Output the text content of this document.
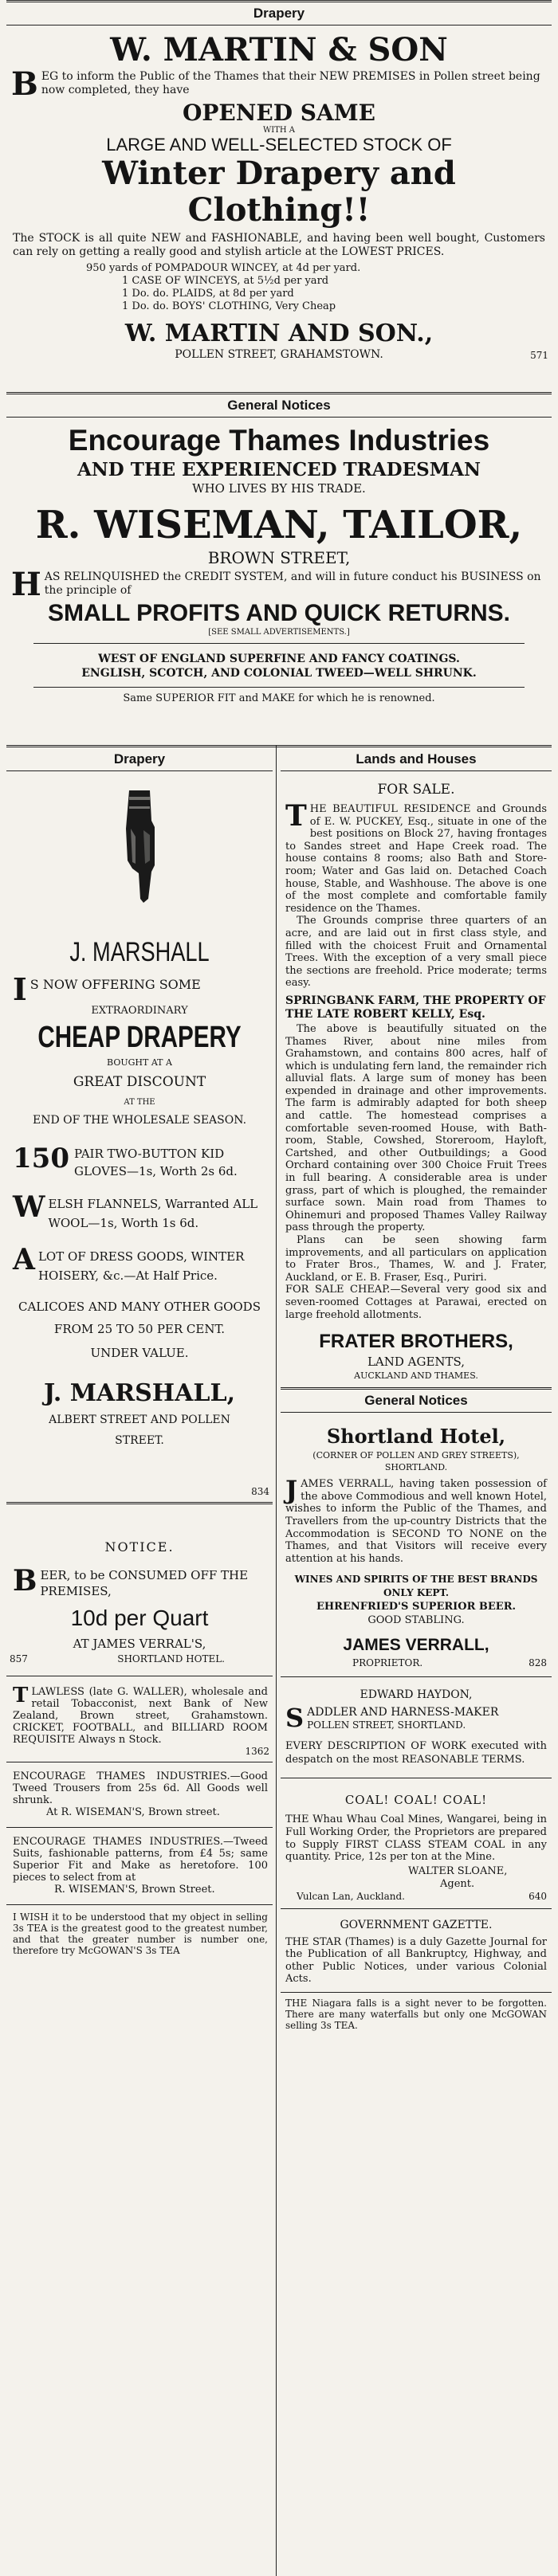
Drapery
W. MARTIN & SON
B EG to inform the Public of the Thames that their NEW PREMISES in Pollen street being now completed, they have
OPENED SAME
WITH A
LARGE AND WELL-SELECTED STOCK OF
Winter Drapery and Clothing!!
The STOCK is all quite NEW and FASHIONABLE, and having been well bought, Customers can rely on getting a really good and stylish article at the LOWEST PRICES.
950 yards of POMPADOUR WINCEY, at 4d per yard.
1 CASE OF WINCEYS, at 5½d per yard
1 Do. do. PLAIDS, at 8d per yard
1 Do. do. BOYS' CLOTHING, Very Cheap
W. MARTIN AND SON.,
POLLEN STREET, GRAHAMSTOWN.	571
General Notices
Encourage Thames Industries
AND THE EXPERIENCED TRADESMAN
WHO LIVES BY HIS TRADE.
R. WISEMAN, TAILOR,
BROWN STREET,
H AS RELINQUISHED the CREDIT SYSTEM, and will in future conduct his BUSINESS on the principle of
SMALL PROFITS AND QUICK RETURNS.
[SEE SMALL ADVERTISEMENTS.]
WEST OF ENGLAND SUPERFINE AND FANCY COATINGS.
ENGLISH, SCOTCH, AND COLONIAL TWEED—WELL SHRUNK.
Same SUPERIOR FIT and MAKE for which he is renowned.
Drapery
J. MARSHALL
I S NOW OFFERING SOME
EXTRAORDINARY
CHEAP DRAPERY
BOUGHT AT A
GREAT DISCOUNT
AT THE
END OF THE WHOLESALE SEASON.
150 PAIR TWO-BUTTON KID
GLOVES—1s, Worth 2s 6d.
W ELSH FLANNELS, Warranted ALL WOOL—1s, Worth 1s 6d.
A LOT OF DRESS GOODS, WINTER HOISERY, &c.—At Half Price.
CALICOES AND MANY OTHER GOODS
FROM 25 TO 50 PER CENT.
UNDER VALUE.
J. MARSHALL,
ALBERT STREET AND POLLEN STREET.
834
NOTICE.
B EER, to be CONSUMED OFF THE PREMISES,
10d per Quart
AT JAMES VERRAL'S,
857	SHORTLAND HOTEL.
T LAWLESS (late G. WALLER), wholesale and retail Tobacconist, next Bank of New Zealand, Brown street, Grahamstown. CRICKET, FOOTBALL, and BILLIARD ROOM REQUISITE Always n Stock.
1362
ENCOURAGE THAMES INDUSTRIES.—Good Tweed Trousers from 25s 6d. All Goods well shrunk.
At R. WISEMAN'S, Brown street.
ENCOURAGE THAMES INDUSTRIES.—Tweed Suits, fashionable patterns, from £4 5s; same Superior Fit and Make as heretofore. 100 pieces to select from at
R. WISEMAN'S, Brown Street.
I WISH it to be understood that my object in selling 3s TEA is the greatest good to the greatest number, and that the greater number is number one, therefore try McGOWAN'S 3s TEA
Lands and Houses
FOR SALE.
T HE BEAUTIFUL RESIDENCE and Grounds of E. W. PUCKEY, Esq., situate in one of the best positions on Block 27, having frontages to Sandes street and Hape Creek road. The house contains 8 rooms; also Bath and Store-room; Water and Gas laid on. Detached Coach house, Stable, and Washhouse. The above is one of the most complete and comfortable family residence on the Thames.
The Grounds comprise three quarters of an acre, and are laid out in first class style, and filled with the choicest Fruit and Ornamental Trees. With the exception of a very small piece the sections are freehold. Price moderate; terms easy.
SPRINGBANK FARM, THE PROPERTY OF THE LATE ROBERT KELLY, Esq.
The above is beautifully situated on the Thames River, about nine miles from Grahamstown, and contains 800 acres, half of which is undulating fern land, the remainder rich alluvial flats. A large sum of money has been expended in drainage and other improvements. The farm is admirably adapted for both sheep and cattle. The homestead comprises a comfortable seven-roomed House, with Bath-room, Stable, Cowshed, Storeroom, Hayloft, Cartshed, and other Outbuildings; a Good Orchard containing over 300 Choice Fruit Trees in full bearing. A considerable area is under grass, part of which is ploughed, the remainder surface sown. Main road from Thames to Ohinemuri and proposed Thames Valley Railway pass through the property.
Plans can be seen showing farm improvements, and all particulars on application to Frater Bros., Thames, W. and J. Frater, Auckland, or E. B. Fraser, Esq., Puriri.
FOR SALE CHEAP.—Several very good six and seven-roomed Cottages at Parawai, erected on large freehold allotments.
FRATER BROTHERS,
LAND AGENTS,
AUCKLAND AND THAMES.
General Notices
Shortland Hotel,
(CORNER OF POLLEN AND GREY STREETS),
SHORTLAND.
J AMES VERRALL, having taken possession of the above Commodious and well known Hotel, wishes to inform the Public of the Thames, and Travellers from the up-country Districts that the Accommodation is SECOND TO NONE on the Thames, and that Visitors will receive every attention at his hands.
WINES AND SPIRITS OF THE BEST BRANDS ONLY KEPT.
EHRENFRIED'S SUPERIOR BEER.
GOOD STABLING.
JAMES VERRALL,
PROPRIETOR.	828
EDWARD HAYDON,
S ADDLER AND HARNESS-MAKER
POLLEN STREET, SHORTLAND.
EVERY DESCRIPTION OF WORK executed with despatch on the most REASONABLE TERMS.
COAL! COAL! COAL!
THE Whau Whau Coal Mines, Wangarei, being in Full Working Order, the Proprietors are prepared to Supply FIRST CLASS STEAM COAL in any quantity. Price, 12s per ton at the Mine.
WALTER SLOANE,
Agent.
Vulcan Lan, Auckland.	640
GOVERNMENT GAZETTE.
THE STAR (Thames) is a duly Gazette Journal for the Publication of all Bankruptcy, Highway, and other Public Notices, under various Colonial Acts.
THE Niagara falls is a sight never to be forgotten. There are many waterfalls but only one McGOWAN selling 3s TEA.
